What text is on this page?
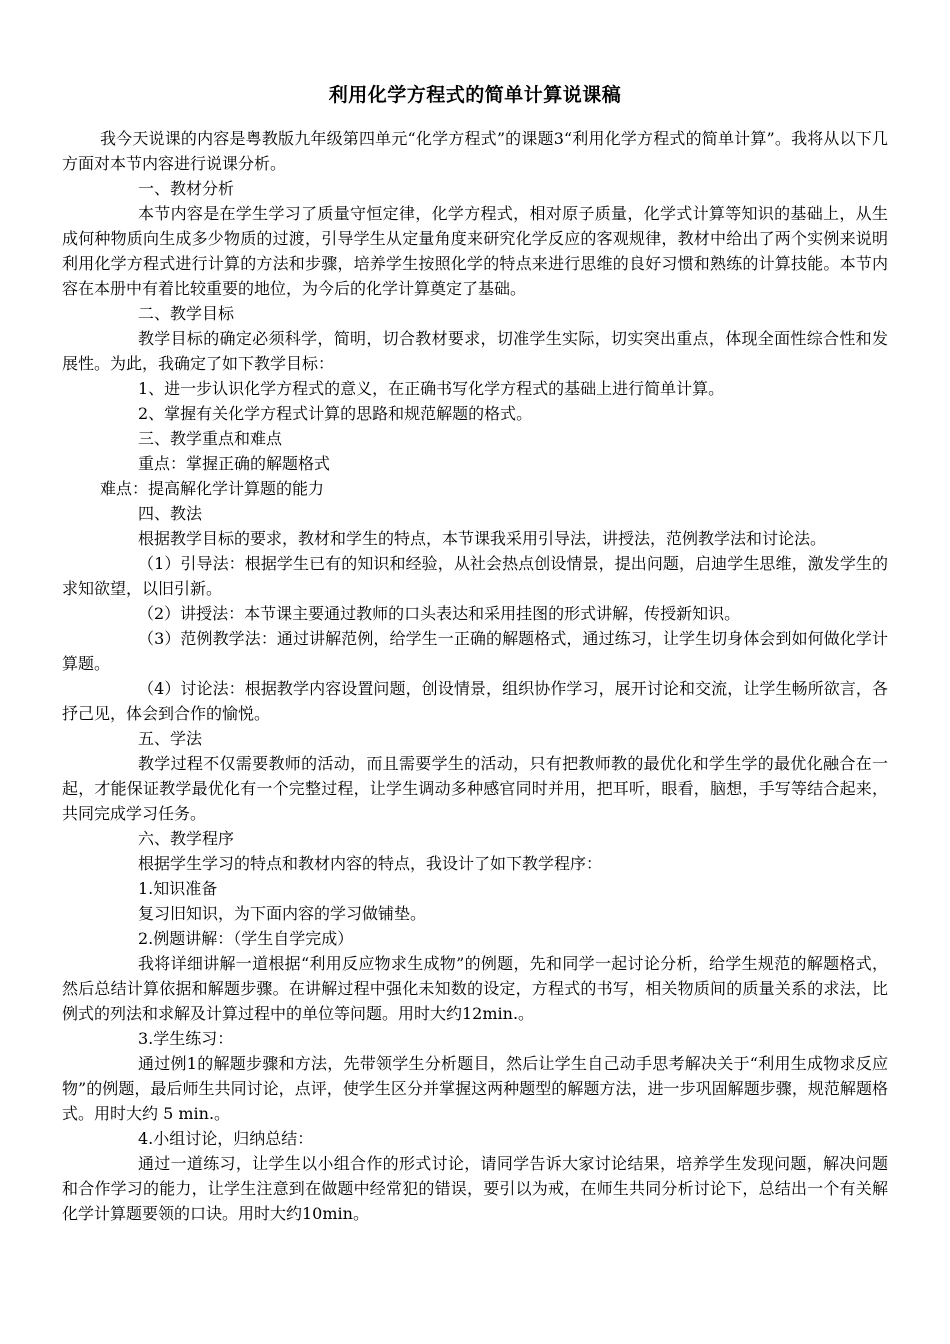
利用化学方程式的简单计算说课稿

我今天说课的内容是粤教版九年级第四单元“化学方程式”的课题3“利用化学方程式的简单计算”。我将从以下几方面对本节内容进行说课分析。

一、教材分析

本节内容是在学生学习了质量守恒定律，化学方程式，相对原子质量，化学式计算等知识的基础上，从生成何种物质向生成多少物质的过渡，引导学生从定量角度来研究化学反应的客观规律，教材中给出了两个实例来说明利用化学方程式进行计算的方法和步骤，培养学生按照化学的特点来进行思维的良好习惯和熟练的计算技能。本节内容在本册中有着比较重要的地位，为今后的化学计算奠定了基础。

二、教学目标

教学目标的确定必须科学，简明，切合教材要求，切准学生实际，切实突出重点，体现全面性综合性和发展性。为此，我确定了如下教学目标：

1、进一步认识化学方程式的意义，在正确书写化学方程式的基础上进行简单计算。

2、掌握有关化学方程式计算的思路和规范解题的格式。

三、教学重点和难点

重点：掌握正确的解题格式

难点：提高解化学计算题的能力

四、教法

根据教学目标的要求，教材和学生的特点，本节课我采用引导法，讲授法，范例教学法和讨论法。

（1）引导法：根据学生已有的知识和经验，从社会热点创设情景，提出问题，启迪学生思维，激发学生的求知欲望，以旧引新。

（2）讲授法：本节课主要通过教师的口头表达和采用挂图的形式讲解，传授新知识。

（3）范例教学法：通过讲解范例，给学生一正确的解题格式，通过练习，让学生切身体会到如何做化学计算题。

（4）讨论法：根据教学内容设置问题，创设情景，组织协作学习，展开讨论和交流，让学生畅所欲言，各抒己见，体会到合作的愉悦。

五、学法

教学过程不仅需要教师的活动，而且需要学生的活动，只有把教师教的最优化和学生学的最优化融合在一起，才能保证教学最优化有一个完整过程，让学生调动多种感官同时并用，把耳听，眼看，脑想，手写等结合起来，共同完成学习任务。

六、教学程序

根据学生学习的特点和教材内容的特点，我设计了如下教学程序：

1.知识准备

复习旧知识，为下面内容的学习做铺垫。

2.例题讲解：（学生自学完成）

我将详细讲解一道根据“利用反应物求生成物”的例题，先和同学一起讨论分析，给学生规范的解题格式，然后总结计算依据和解题步骤。在讲解过程中强化未知数的设定，方程式的书写，相关物质间的质量关系的求法，比例式的列法和求解及计算过程中的单位等问题。用时大约12min.。

3.学生练习：

通过例1的解题步骤和方法，先带领学生分析题目，然后让学生自己动手思考解决关于“利用生成物求反应物”的例题，最后师生共同讨论，点评，使学生区分并掌握这两种题型的解题方法，进一步巩固解题步骤，规范解题格式。用时大约 5 min.。

4.小组讨论，归纳总结：

通过一道练习，让学生以小组合作的形式讨论，请同学告诉大家讨论结果，培养学生发现问题，解决问题和合作学习的能力，让学生注意到在做题中经常犯的错误，要引以为戒，在师生共同分析讨论下，总结出一个有关解化学计算题要领的口诀。用时大约10min。
